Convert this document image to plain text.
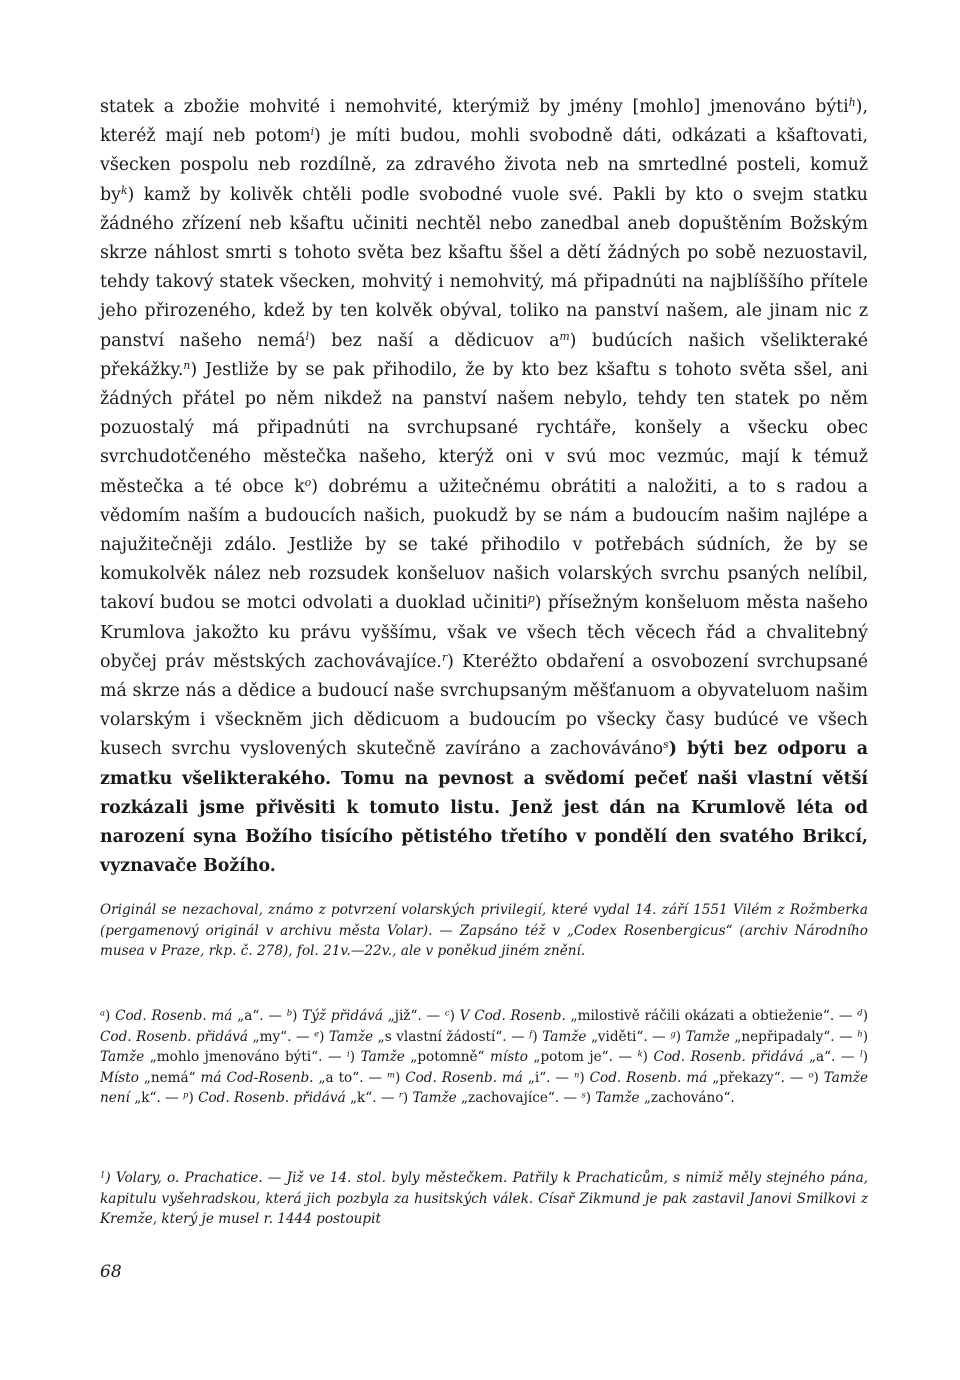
statek a zbožie mohvité i nemohvité, kterýmiž by jmény [mohlo] jmenováno býti$^h$), kteréž mají neb potom$^i$) je míti budou, mohli svobodně dáti, odkázati a kšaftovati, všecken pospolu neb rozdílně, za zdravého života neb na smrtedlné posteli, komuž $by^k$) kamž by kolivěk chtěli podle svobodné vuole své. Pakli by kto o svejm statku žádného zřízení neb kšaftu učiniti nechtěl nebo zanedbal aneb dopuštěním Božským skrze náhlost smrti s tohoto světa bez kšaftu ššel a dětí žádných po sobě nezuostavil, tehdy takový statek všecken, mohvitý i nemohvitý, má připadnúti na najblíššího přítele jeho přirozeného, kdež by ten kolvěk obýval, toliko na panství našem, ale jinam nic z panství našeho nemá$^l$) bez naší a dědicuov $a^m$) budúcích našich všelikteraké překážky.$^n$) Jestliže by se pak přihodilo, že by kto bez kšaftu s tohoto světa sšel, ani žádných přátel po něm nikdež na panství našem nebylo, tehdy ten statek po něm pozuostalý má připadnúti na svrchupsané rychtáře, konšely a všecku obec svrchudotčeného městečka našeho, kterýž oni v svú moc vezmúc, mají k témuž městečka a té obce $k^o$) dobrému a užitečnému obrátiti a naložiti, a to s radou a vědomím naším a budoucích našich, puokudž by se nám a budoucím našim najlépe a najužitečněji zdálo. Jestliže by se také přihodilo v potřebách súdních, že by se komukolvěk nález neb rozsudek konšeluov našich volarských svrchu psaných nelíbil, takoví budou se motci odvolati a duoklad učiniti$^p$) přísežným konšeluom města našeho Krumlova jakožto ku právu vyššímu, však ve všech těch věcech řád a chvalitebný obyčej práv městských zachovávajíce.$^r$) Kteréžto obdaření a osvobození svrchupsané má skrze nás a dědice a budoucí naše svrchupsaným měšťanuom a obyvateluom našim volarským i všecknĕm jich dědicuom a budoucím po všecky časy budúcé ve všech kusech svrchu vyslovených skutečně zavíráno a zachováváno$^s$) býti bez odporu a zmatku všelikterakého. Tomu na pevnost a svědomí pečeť naši vlastní větší rozkázali jsme přivěsiti k tomuto listu. Jenž jest dán na Krumlově léta od narození syna Božího tisícího pětistého třetího v pondělí den svatého Brikcí, vyznavače Božího.

Originál se nezachoval, známo z potvrzení volarských privilegií, které vydal 14. září 1551 Vilém z Rožmberka (pergamenový originál v archivu města Volar). — Zapsáno též v „Codex Rosenbergicus“ (archiv Národního musea v Praze, rkp. č. 278), fol. 21v.—22v., ale v poněkud jiném znění.

$^a$) Cod. Rosenb. má „a“. — $^b$) Týž přidává „již“. — $^c$) V Cod. Rosenb. „milostivě ráčili okázati a obtieženie“. — $^d$) Cod. Rosenb. přidává „my“. — $^e$) Tamže „s vlastní žádostí“. — $^f$) Tamže „viděti“. — $^g$) Tamže „nepřipadaly“. — $^h$) Tamže „mohlo jmenováno býti“. — $^i$) Tamže „potomně“ místo „potom je“. — $^k$) Cod. Rosenb. přidává „a“. — $^l$) Místo „nemá“ má Cod-Rosenb. „a to“. — $^m$) Cod. Rosenb. má „i“. — $^n$) Cod. Rosenb. má „překazy“. — $^o$) Tamže není „k“. — $^p$) Cod. Rosenb. přidává „k“. — $^r$) Tamže „zachovajíce“. — $^s$) Tamže „zachováno“.

$^1$) Volary, o. Prachatice. — Již ve 14. stol. byly městečkem. Patřily k Prachaticům, s nimiž měly stejného pána, kapitulu vyšehradskou, která jich pozbyla za husitských válek. Císař Zikmund je pak zastavil Janovi Smilkovi z Kremže, který je musel r. 1444 postoupit

68
